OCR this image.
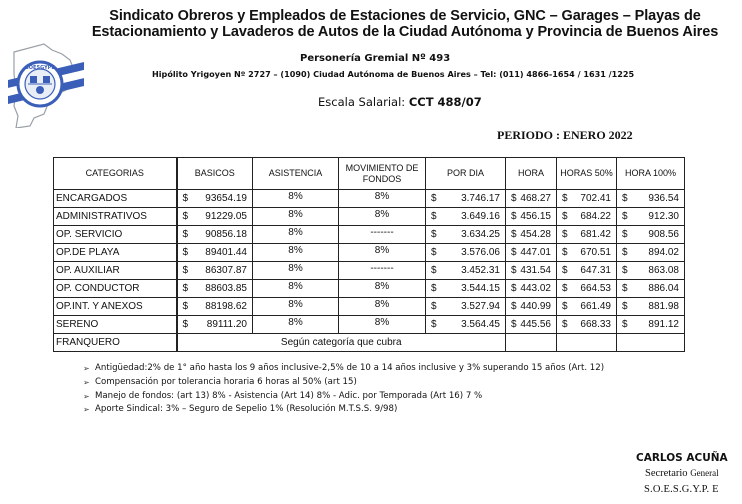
SOESGYPE
Sindicato Obreros y Empleados de Estaciones de Servicio, GNC – Garages – Playas de
Estacionamiento y Lavaderos de Autos de la Ciudad Autónoma y Provincia de Buenos Aires
Personería Gremial Nº 493
Hipólito Yrigoyen Nº 2727 – (1090) Ciudad Autónoma de Buenos Aires – Tel: (011) 4866-1654 / 1631 /1225
Escala Salarial: CCT 488/07
PERIODO : ENERO 2022
CATEGORIAS	BASICOS	ASISTENCIA	MOVIMIENTO DE FONDOS	POR DIA	HORA	HORAS 50%	HORA 100%
ENCARGADOS	$ 93654.19	8%	8%	$ 3.746.17	$ 468.27	$ 702.41	$ 936.54

ADMINISTRATIVOS	$ 91229.05	8%	8%	$ 3.649.16	$ 456.15	$ 684.22	$ 912.30

OP. SERVICIO	$ 90856.18	8%	-------	$ 3.634.25	$ 454.28	$ 681.42	$ 908.56

OP.DE PLAYA	$ 89401.44	8%	8%	$ 3.576.06	$ 447.01	$ 670.51	$ 894.02

OP. AUXILIAR	$ 86307.87	8%	-------	$ 3.452.31	$ 431.54	$ 647.31	$ 863.08

OP. CONDUCTOR	$ 88603.85	8%	8%	$ 3.544.15	$ 443.02	$ 664.53	$ 886.04

OP.INT. Y ANEXOS	$ 88198.62	8%	8%	$ 3.527.94	$ 440.99	$ 661.49	$ 881.98

SERENO	$ 89111.20	8%	8%	$ 3.564.45	$ 445.56	$ 668.33	$ 891.12

FRANQUERO	Según categoría que cubra						
➢ Antigüedad:2% de 1° año hasta los 9 años inclusive-2,5% de 10 a 14 años inclusive y 3% superando 15 años (Art. 12)
➢ Compensación por tolerancia horaria 6 horas al 50% (art 15)
➢ Manejo de fondos: (art 13) 8% - Asistencia (Art 14) 8% - Adic. por Temporada (Art 16) 7 %
➢ Aporte Sindical: 3% – Seguro de Sepelio 1% (Resolución M.T.S.S. 9/98)
CARLOS ACUÑA
Secretario General
S.O.E.S.G.Y.P. E
